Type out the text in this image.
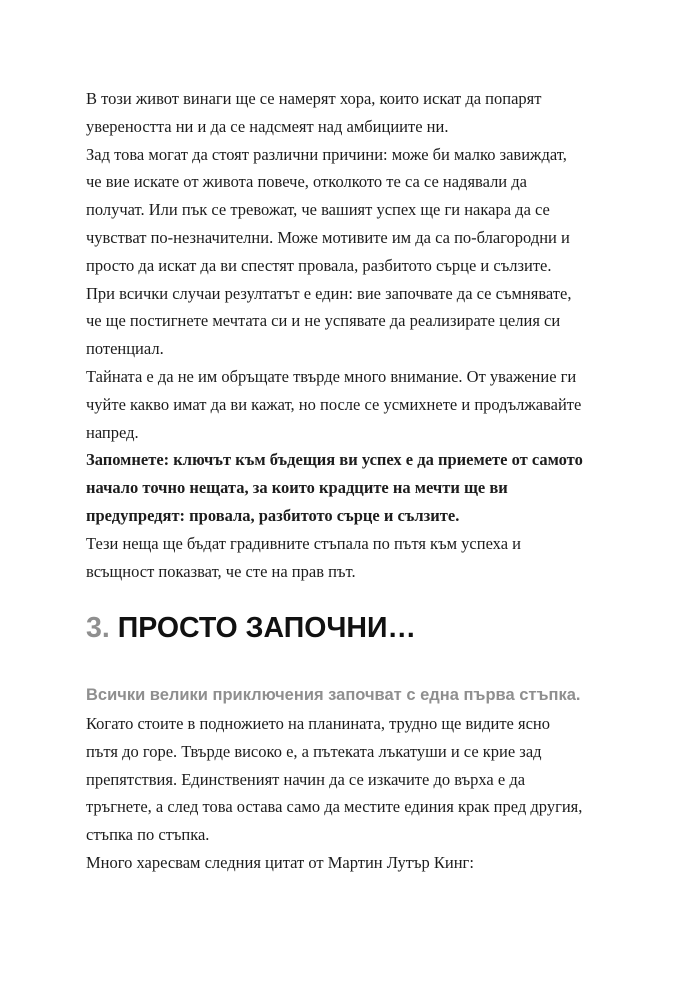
В този живот винаги ще се намерят хора, които искат да попарят
увереността ни и да се надсмеят над амбициите ни.
Зад това могат да стоят различни причини: може би малко завиждат,
че вие искате от живота повече, отколкото те са се надявали да
получат. Или пък се тревожат, че вашият успех ще ги накара да се
чувстват по-незначителни. Може мотивите им да са по-благородни и
просто да искат да ви спестят провала, разбитото сърце и сълзите.
При всички случаи резултатът е един: вие започвате да се съмнявате,
че ще постигнете мечтата си и не успявате да реализирате целия си
потенциал.
Тайната е да не им обръщате твърде много внимание. От уважение ги
чуйте какво имат да ви кажат, но после се усмихнете и продължавайте
напред.
Запомнете: ключът към бъдещия ви успех е да приемете от самото
начало точно нещата, за които крадците на мечти ще ви
предупредят: провала, разбитото сърце и сълзите.
Тези неща ще бъдат градивните стъпала по пътя към успеха и
всъщност показват, че сте на прав път.
3. ПРОСТО ЗАПОЧНИ…

Всички велики приключения започват с една първа стъпка.

Когато стоите в подножието на планината, трудно ще видите ясно
пътя до горе. Твърде високо е, а пътеката лъкатуши и се крие зад
препятствия. Единственият начин да се изкачите до върха е да
тръгнете, а след това остава само да местите единия крак пред другия,
стъпка по стъпка.
Много харесвам следния цитат от Мартин Лутър Кинг:
